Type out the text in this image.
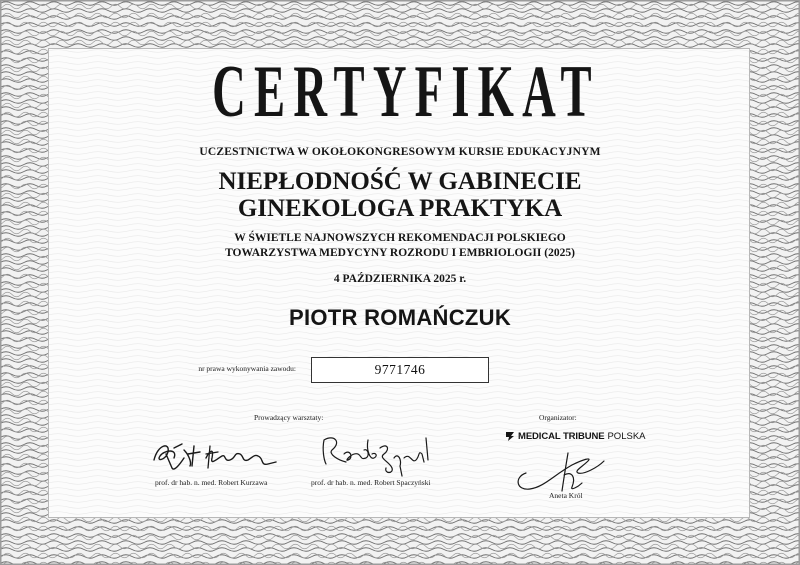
CERTYFIKAT
UCZESTNICTWA W OKOŁOKONGRESOWYM KURSIE EDUKACYJNYM
NIEPŁODNOŚĆ W GABINECIE
GINEKOLOGA PRAKTYKA
W ŚWIETLE NAJNOWSZYCH REKOMENDACJI POLSKIEGO
TOWARZYSTWA MEDYCYNY ROZRODU I EMBRIOLOGII (2025)
4 PAŹDZIERNIKA 2025 r.
PIOTR ROMAŃCZUK
nr prawa wykonywania zawodu:	9771746
Prowadzący warsztaty:
prof. dr hab. n. med. Robert Kurzawa	prof. dr hab. n. med. Robert Spaczyński
Organizator:
MEDICAL TRIBUNE POLSKA
Aneta Król
